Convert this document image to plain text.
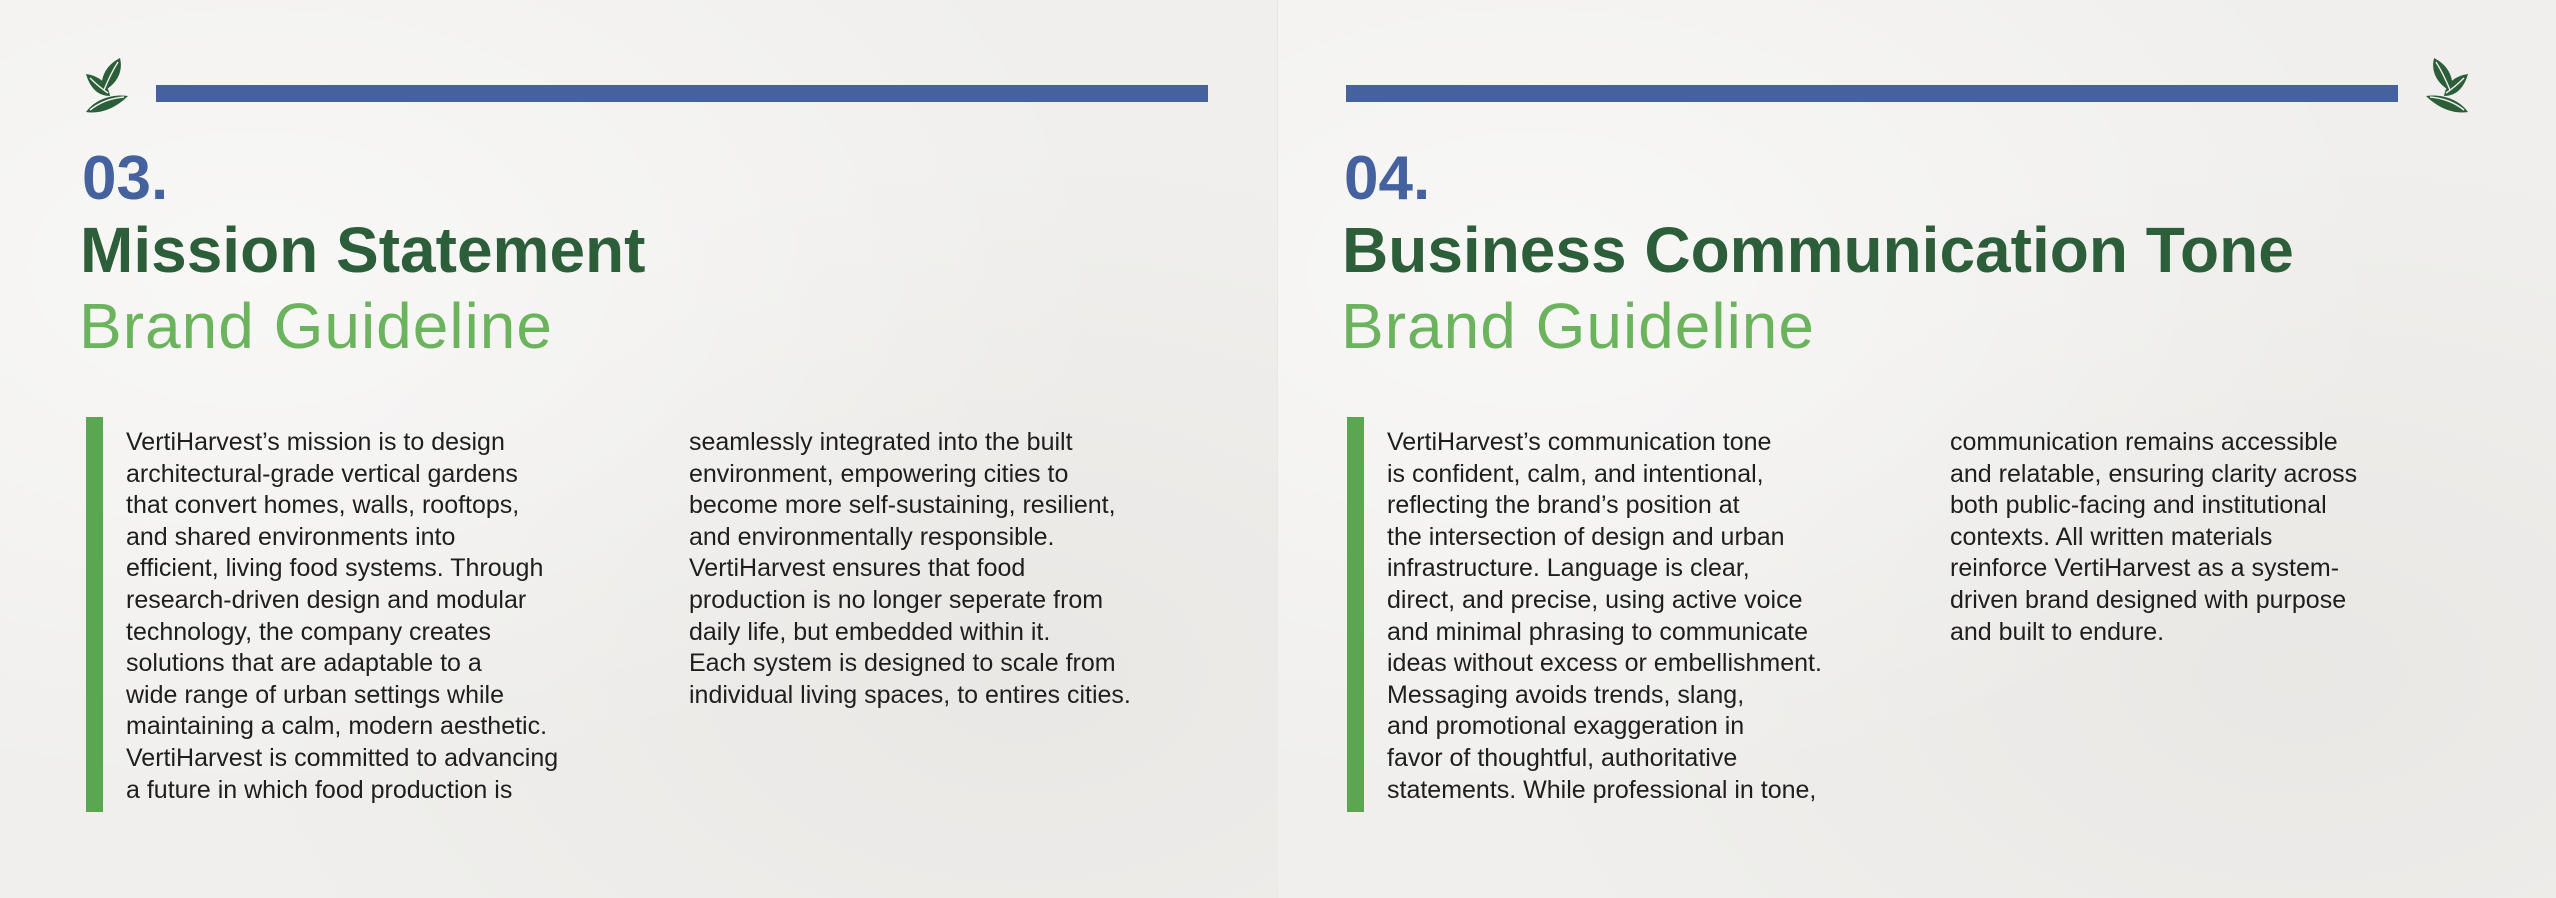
03.
Mission Statement
Brand Guideline
VertiHarvest’s mission is to design
architectural-grade vertical gardens
that convert homes, walls, rooftops,
and shared environments into
efficient, living food systems. Through
research-driven design and modular
technology, the company creates
solutions that are adaptable to a
wide range of urban settings while
maintaining a calm, modern aesthetic.
VertiHarvest is committed to advancing
a future in which food production is
seamlessly integrated into the built
environment, empowering cities to
become more self-sustaining, resilient,
and environmentally responsible.
VertiHarvest ensures that food
production is no longer seperate from
daily life, but embedded within it.
Each system is designed to scale from
individual living spaces, to entires cities.
04.
Business Communication Tone
Brand Guideline
VertiHarvest’s communication tone
is confident, calm, and intentional,
reflecting the brand’s position at
the intersection of design and urban
infrastructure. Language is clear,
direct, and precise, using active voice
and minimal phrasing to communicate
ideas without excess or embellishment.
Messaging avoids trends, slang,
and promotional exaggeration in
favor of thoughtful, authoritative
statements. While professional in tone,
communication remains accessible
and relatable, ensuring clarity across
both public-facing and institutional
contexts. All written materials
reinforce VertiHarvest as a system-
driven brand designed with purpose
and built to endure.
